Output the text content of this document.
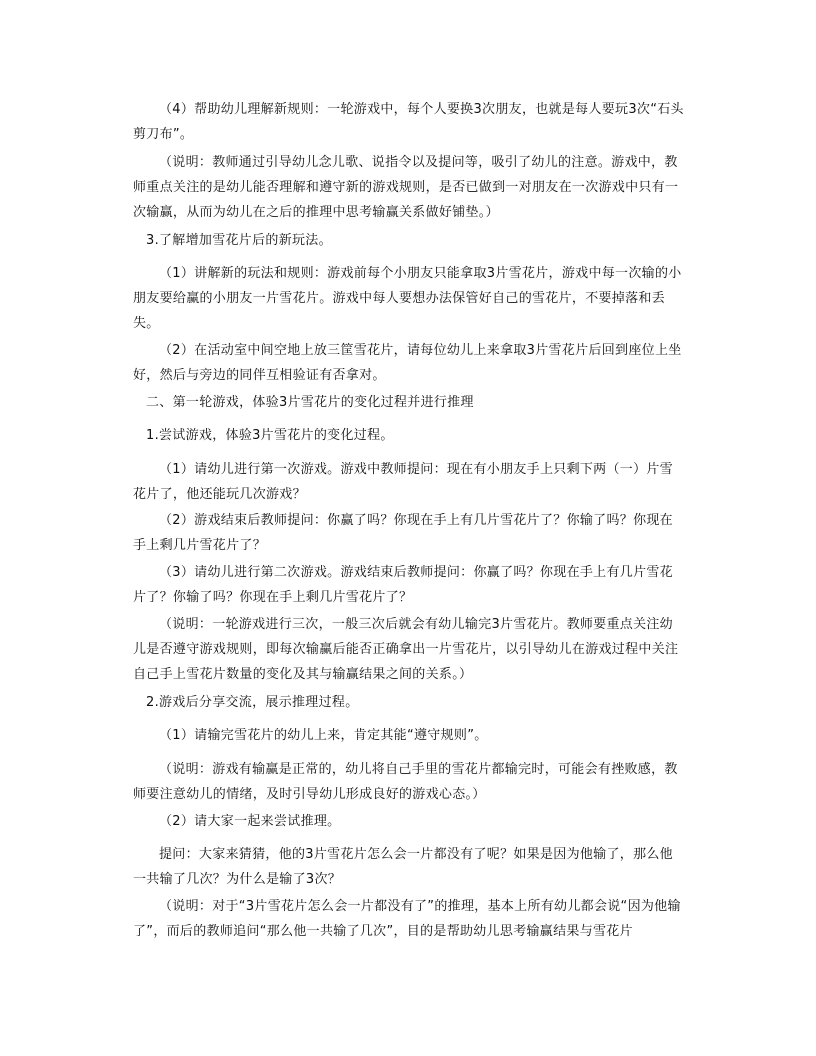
（4）帮助幼儿理解新规则：一轮游戏中，每个人要换3次朋友，也就是每人要玩3次“石头剪刀布”。

（说明：教师通过引导幼儿念儿歌、说指令以及提问等，吸引了幼儿的注意。游戏中，教师重点关注的是幼儿能否理解和遵守新的游戏规则，是否已做到一对朋友在一次游戏中只有一次输赢，从而为幼儿在之后的推理中思考输赢关系做好铺垫。）

3.了解增加雪花片后的新玩法。

（1）讲解新的玩法和规则：游戏前每个小朋友只能拿取3片雪花片，游戏中每一次输的小朋友要给赢的小朋友一片雪花片。游戏中每人要想办法保管好自己的雪花片，不要掉落和丢失。

（2）在活动室中间空地上放三筐雪花片，请每位幼儿上来拿取3片雪花片后回到座位上坐好，然后与旁边的同伴互相验证有否拿对。

二、第一轮游戏，体验3片雪花片的变化过程并进行推理

1.尝试游戏，体验3片雪花片的变化过程。

（1）请幼儿进行第一次游戏。游戏中教师提问：现在有小朋友手上只剩下两（一）片雪花片了，他还能玩几次游戏？

（2）游戏结束后教师提问：你赢了吗？你现在手上有几片雪花片了？你输了吗？你现在手上剩几片雪花片了？

（3）请幼儿进行第二次游戏。游戏结束后教师提问：你赢了吗？你现在手上有几片雪花片了？你输了吗？你现在手上剩几片雪花片了？

（说明：一轮游戏进行三次，一般三次后就会有幼儿输完3片雪花片。教师要重点关注幼儿是否遵守游戏规则，即每次输赢后能否正确拿出一片雪花片，以引导幼儿在游戏过程中关注自己手上雪花片数量的变化及其与输赢结果之间的关系。）

2.游戏后分享交流，展示推理过程。

（1）请输完雪花片的幼儿上来，肯定其能“遵守规则”。

（说明：游戏有输赢是正常的，幼儿将自己手里的雪花片都输完时，可能会有挫败感，教师要注意幼儿的情绪，及时引导幼儿形成良好的游戏心态。）

（2）请大家一起来尝试推理。

提问：大家来猜猜，他的3片雪花片怎么会一片都没有了呢？如果是因为他输了，那么他一共输了几次？为什么是输了3次？

（说明：对于“3片雪花片怎么会一片都没有了”的推理，基本上所有幼儿都会说“因为他输了”，而后的教师追问“那么他一共输了几次”，目的是帮助幼儿思考输赢结果与雪花片
